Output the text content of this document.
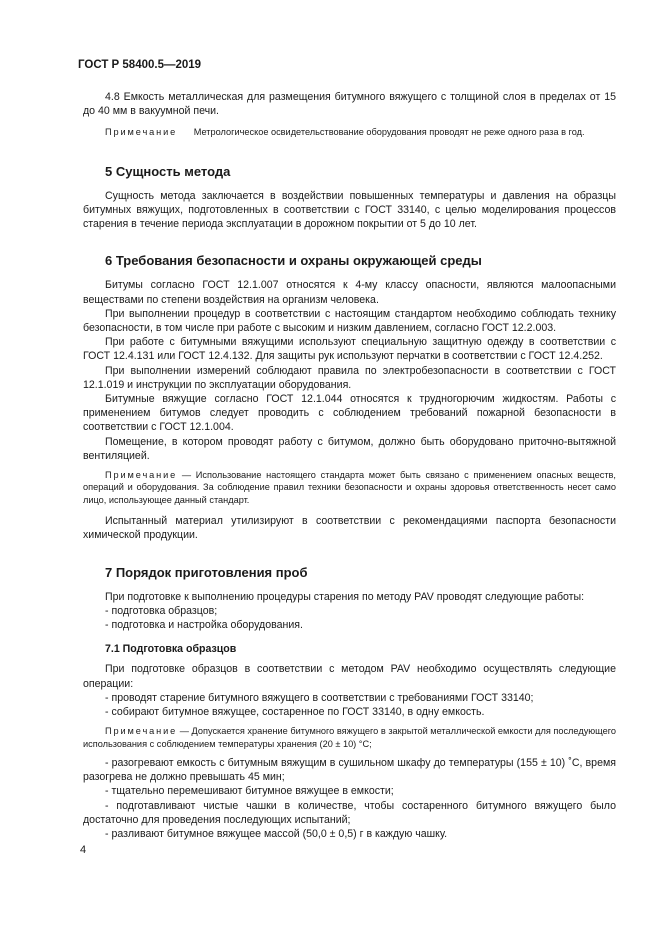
ГОСТ Р 58400.5—2019

4.8 Емкость металлическая для размещения битумного вяжущего с толщиной слоя в пределах от 15 до 40 мм в вакуумной печи.

Примечание Метрологическое освидетельствование оборудования проводят не реже одного раза в год.

5 Сущность метода

Сущность метода заключается в воздействии повышенных температуры и давления на образцы битумных вяжущих, подготовленных в соответствии с ГОСТ 33140, с целью моделирования процессов старения в течение периода эксплуатации в дорожном покрытии от 5 до 10 лет.

6 Требования безопасности и охраны окружающей среды

Битумы согласно ГОСТ 12.1.007 относятся к 4-му классу опасности, являются малоопасными веществами по степени воздействия на организм человека.

При выполнении процедур в соответствии с настоящим стандартом необходимо соблюдать технику безопасности, в том числе при работе с высоким и низким давлением, согласно ГОСТ 12.2.003.

При работе с битумными вяжущими используют специальную защитную одежду в соответствии с ГОСТ 12.4.131 или ГОСТ 12.4.132. Для защиты рук используют перчатки в соответствии с ГОСТ 12.4.252.

При выполнении измерений соблюдают правила по электробезопасности в соответствии с ГОСТ 12.1.019 и инструкции по эксплуатации оборудования.

Битумные вяжущие согласно ГОСТ 12.1.044 относятся к трудногорючим жидкостям. Работы с применением битумов следует проводить с соблюдением требований пожарной безопасности в соответствии с ГОСТ 12.1.004.

Помещение, в котором проводят работу с битумом, должно быть оборудовано приточно-вытяжной вентиляцией.

Примечание — Использование настоящего стандарта может быть связано с применением опасных веществ, операций и оборудования. За соблюдение правил техники безопасности и охраны здоровья ответственность несет само лицо, использующее данный стандарт.

Испытанный материал утилизируют в соответствии с рекомендациями паспорта безопасности химической продукции.

7 Порядок приготовления проб

При подготовке к выполнению процедуры старения по методу PAV проводят следующие работы:

- подготовка образцов;

- подготовка и настройка оборудования.

7.1 Подготовка образцов

При подготовке образцов в соответствии с методом PAV необходимо осуществлять следующие операции:

- проводят старение битумного вяжущего в соответствии с требованиями ГОСТ 33140;

- собирают битумное вяжущее, состаренное по ГОСТ 33140, в одну емкость.

Примечание — Допускается хранение битумного вяжущего в закрытой металлической емкости для последующего использования с соблюдением температуры хранения (20 ± 10) °С;

- разогревают емкость с битумным вяжущим в сушильном шкафу до температуры (155 ± 10) ˚С, время разогрева не должно превышать 45 мин;

- тщательно перемешивают битумное вяжущее в емкости;

- подготавливают чистые чашки в количестве, чтобы состаренного битумного вяжущего было достаточно для проведения последующих испытаний;

- разливают битумное вяжущее массой (50,0 ± 0,5) г в каждую чашку.

4
